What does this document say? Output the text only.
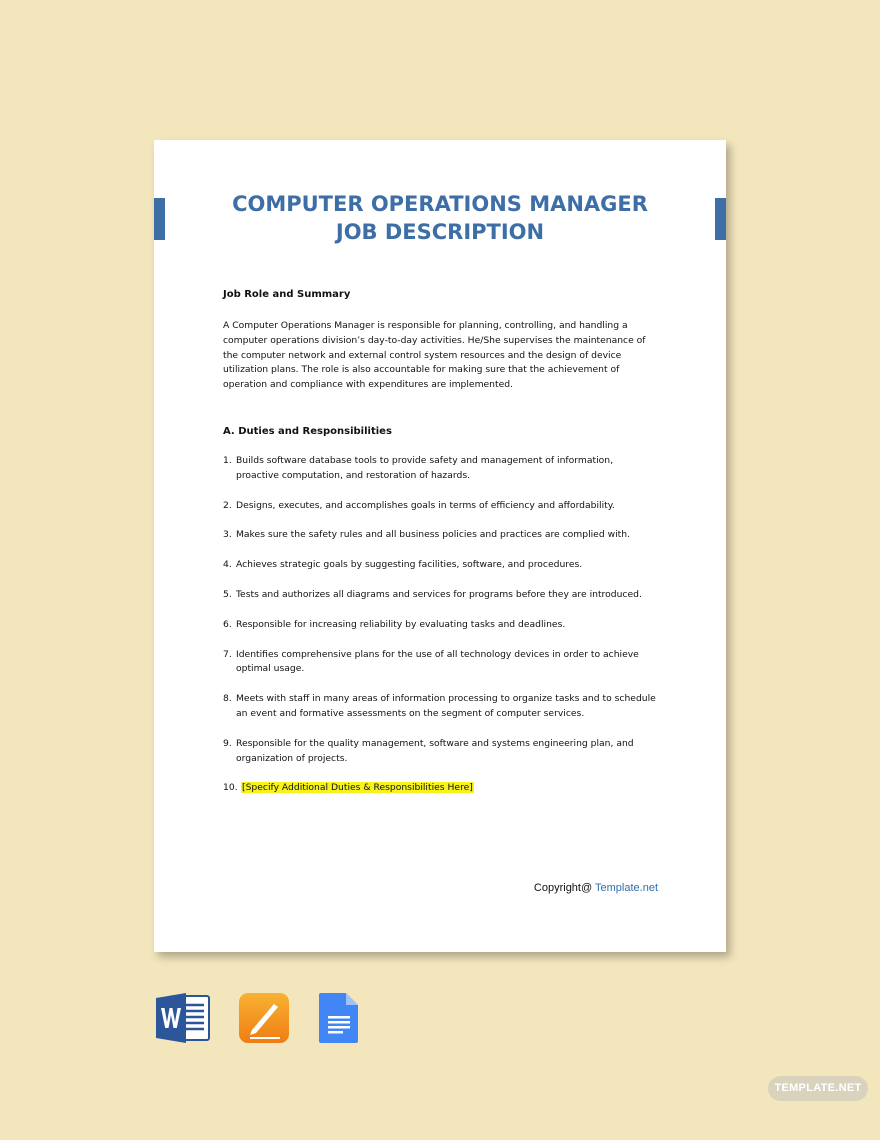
COMPUTER OPERATIONS MANAGER
JOB DESCRIPTION
Job Role and Summary
A Computer Operations Manager is responsible for planning, controlling, and handling a computer operations division’s day-to-day activities. He/She supervises the maintenance of the computer network and external control system resources and the design of device utilization plans. The role is also accountable for making sure that the achievement of operation and compliance with expenditures are implemented.
A. Duties and Responsibilities
1. Builds software database tools to provide safety and management of information, proactive computation, and restoration of hazards.
2. Designs, executes, and accomplishes goals in terms of efficiency and affordability.
3. Makes sure the safety rules and all business policies and practices are complied with.
4. Achieves strategic goals by suggesting facilities, software, and procedures.
5. Tests and authorizes all diagrams and services for programs before they are introduced.
6. Responsible for increasing reliability by evaluating tasks and deadlines.
7. Identifies comprehensive plans for the use of all technology devices in order to achieve optimal usage.
8. Meets with staff in many areas of information processing to organize tasks and to schedule an event and formative assessments on the segment of computer services.
9. Responsible for the quality management, software and systems engineering plan, and organization of projects.
10. [Specify Additional Duties & Responsibilities Here]
Copyright@ Template.net
TEMPLATE.NET
